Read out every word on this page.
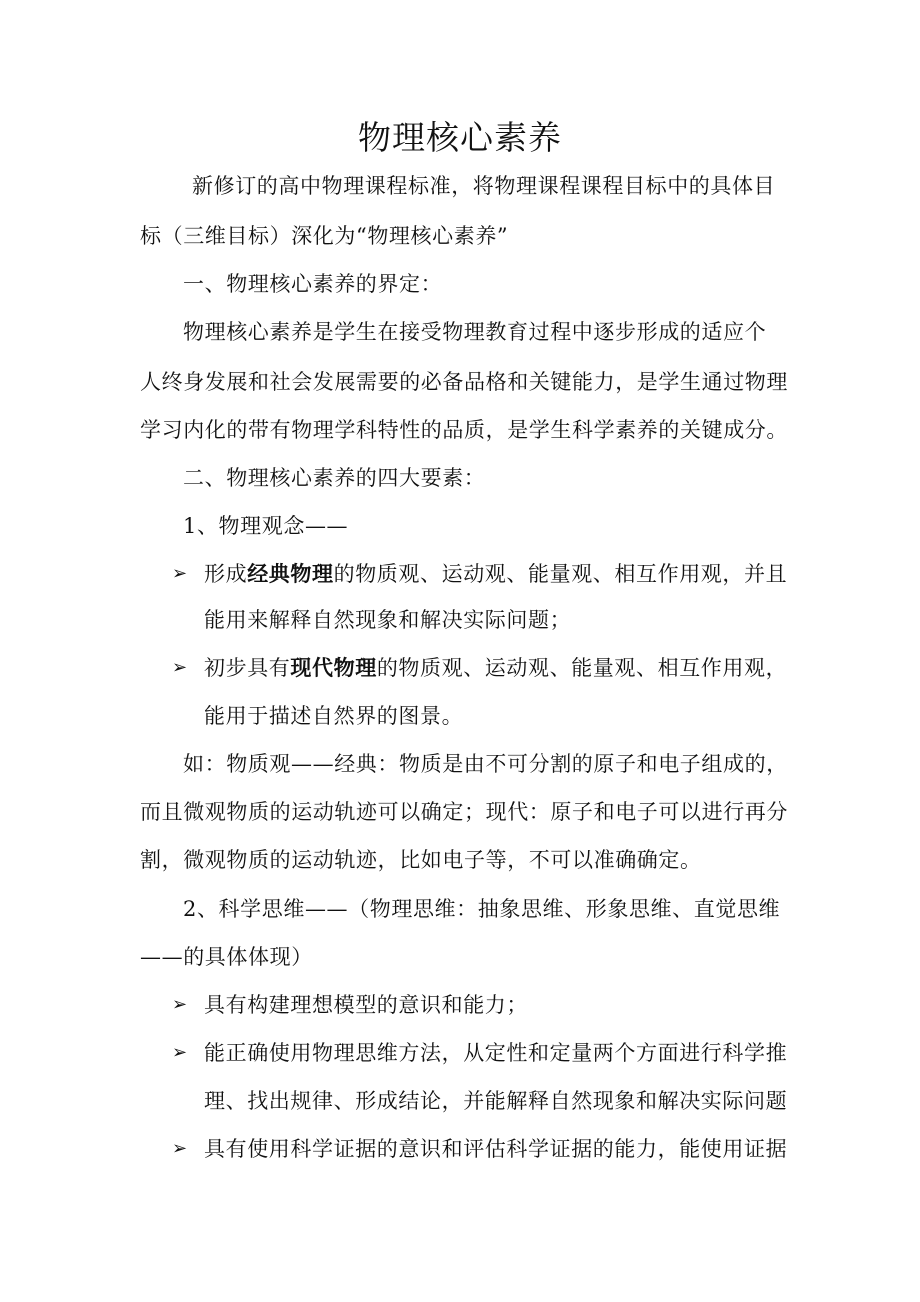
物理核心素养
新修订的高中物理课程标准，将物理课程课程目标中的具体目
标（三维目标）深化为“物理核心素养”
一、物理核心素养的界定：
物理核心素养是学生在接受物理教育过程中逐步形成的适应个
人终身发展和社会发展需要的必备品格和关键能力，是学生通过物理
学习内化的带有物理学科特性的品质，是学生科学素养的关键成分。
二、物理核心素养的四大要素：
1、物理观念——
➢ 形成经典物理的物质观、运动观、能量观、相互作用观，并且
能用来解释自然现象和解决实际问题；
➢ 初步具有现代物理的物质观、运动观、能量观、相互作用观，
能用于描述自然界的图景。
如：物质观——经典：物质是由不可分割的原子和电子组成的，
而且微观物质的运动轨迹可以确定；现代：原子和电子可以进行再分
割，微观物质的运动轨迹，比如电子等，不可以准确确定。
2、科学思维——（物理思维：抽象思维、形象思维、直觉思维
——的具体体现）
➢ 具有构建理想模型的意识和能力；
➢ 能正确使用物理思维方法，从定性和定量两个方面进行科学推
理、找出规律、形成结论，并能解释自然现象和解决实际问题
➢ 具有使用科学证据的意识和评估科学证据的能力，能使用证据
